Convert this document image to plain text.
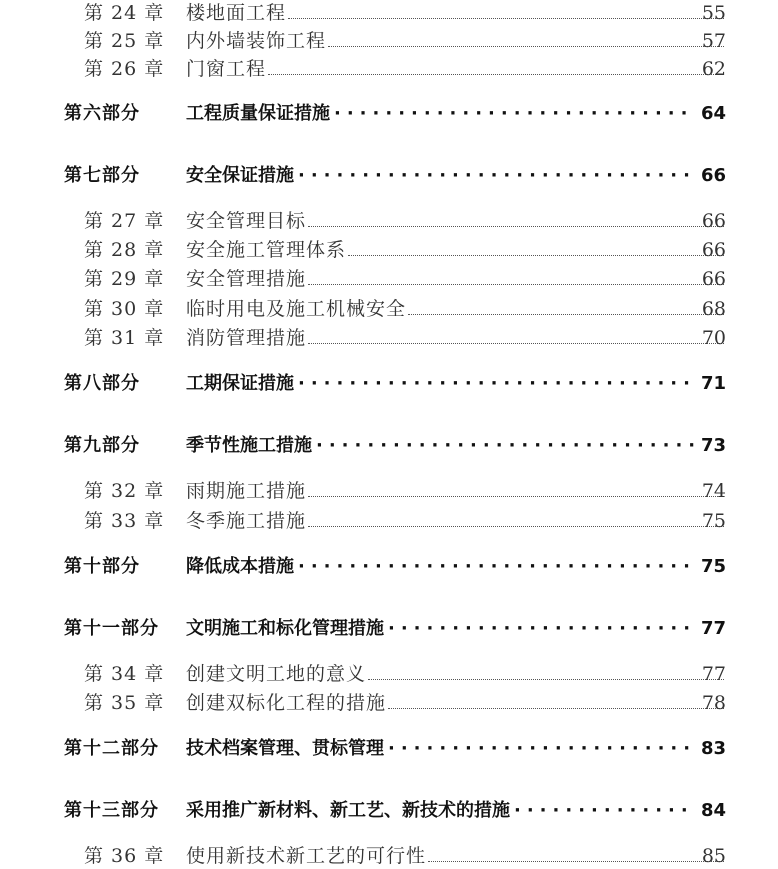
第 24 章	楼地面工程	55
第 25 章	内外墙装饰工程	57
第 26 章	门窗工程	62
第六部分	工程质量保证措施 ·····	64
第七部分	安全保证措施 ·····	66
第 27 章	安全管理目标	66
第 28 章	安全施工管理体系	66
第 29 章	安全管理措施	66
第 30 章	临时用电及施工机械安全	68
第 31 章	消防管理措施	70
第八部分	工期保证措施 ·····	71
第九部分	季节性施工措施 ·····	73
第 32 章	雨期施工措施	74
第 33 章	冬季施工措施	75
第十部分	降低成本措施 ·····	75
第十一部分	文明施工和标化管理措施 ·····	77
第 34 章	创建文明工地的意义	77
第 35 章	创建双标化工程的措施	78
第十二部分	技术档案管理、贯标管理 ·····	83
第十三部分	采用推广新材料、新工艺、新技术的措施 ·····	84
第 36 章	使用新技术新工艺的可行性	85
